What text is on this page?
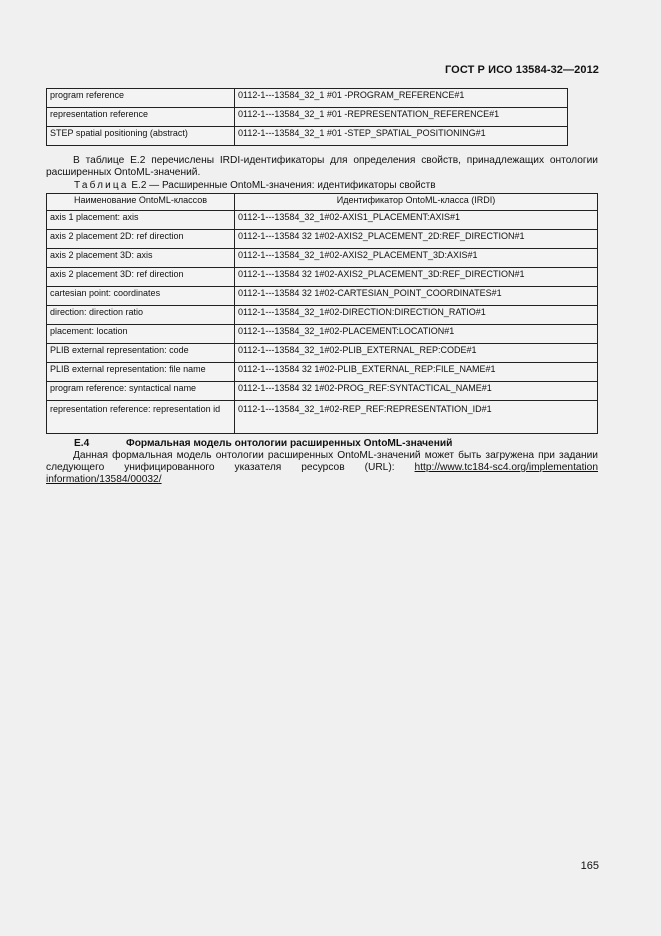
ГОСТ Р ИСО 13584-32—2012
program reference	0112-1---13584_32_1 #01 -PROGRAM_REFERENCE#1
representation reference	0112-1---13584_32_1 #01 -REPRESENTATION_REFERENCE#1
STEP spatial positioning (abstract)	0112-1---13584_32_1 #01 -STEP_SPATIAL_POSITIONING#1
В таблице Е.2 перечислены IRDI-идентификаторы для определения свойств, принадлежащих онтологии расширенных OntoML-значений.
Таблица Е.2 — Расширенные OntoML-значения: идентификаторы свойств
Наименование OntoML-классов	Идентификатор OntoML-класса (IRDI)
axis 1 placement: axis	0112-1---13584_32_1#02-AXIS1_PLACEMENT:AXIS#1
axis 2 placement 2D: ref direction	0112-1---13584 32 1#02-AXIS2_PLACEMENT_2D:REF_DIRECTION#1
axis 2 placement 3D: axis	0112-1---13584_32_1#02-AXIS2_PLACEMENT_3D:AXIS#1
axis 2 placement 3D: ref direction	0112-1---13584 32 1#02-AXIS2_PLACEMENT_3D:REF_DIRECTION#1
cartesian point: coordinates	0112-1---13584 32 1#02-CARTESIAN_POINT_COORDINATES#1
direction: direction ratio	0112-1---13584_32_1#02-DIRECTION:DIRECTION_RATIO#1
placement: location	0112-1---13584_32_1#02-PLACEMENT:LOCATION#1
PLIB external representation: code	0112-1---13584_32_1#02-PLIB_EXTERNAL_REP:CODE#1
PLIB external representation: file name	0112-1---13584 32 1#02-PLIB_EXTERNAL_REP:FILE_NAME#1
program reference: syntactical name	0112-1---13584 32 1#02-PROG_REF:SYNTACTICAL_NAME#1
representation reference: representation id	0112-1---13584_32_1#02-REP_REF:REPRESENTATION_ID#1
Е.4	Формальная модель онтологии расширенных OntoML-значений
Данная формальная модель онтологии расширенных OntoML-значений может быть загружена при задании следующего унифицированного указателя ресурсов (URL): http://www.tc184-sc4.org/implementation information/13584/00032/
165
